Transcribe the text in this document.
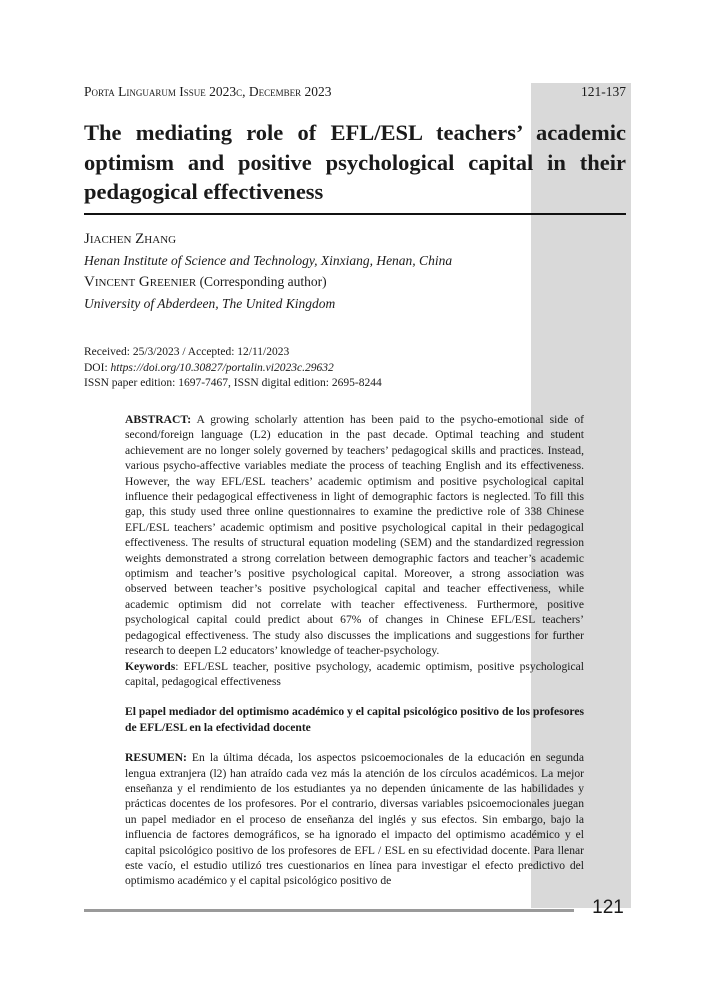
Porta Linguarum Issue 2023c, December 2023	121-137
The mediating role of EFL/ESL teachers’ academic optimism and positive psychological capital in their pedagogical effectiveness
Jiachen Zhang
Henan Institute of Science and Technology, Xinxiang, Henan, China
Vincent Greenier (Corresponding author)
University of Abderdeen, The United Kingdom
Received: 25/3/2023 / Accepted: 12/11/2023
DOI: https://doi.org/10.30827/portalin.vi2023c.29632
ISSN paper edition: 1697-7467, ISSN digital edition: 2695-8244

ABSTRACT: A growing scholarly attention has been paid to the psycho-emotional side of second/foreign language (L2) education in the past decade. Optimal teaching and student achievement are no longer solely governed by teachers’ pedagogical skills and practices. Instead, various psycho-affective variables mediate the process of teaching English and its effectiveness. However, the way EFL/ESL teachers’ academic optimism and positive psychological capital influence their pedagogical effectiveness in light of demographic factors is neglected. To fill this gap, this study used three online questionnaires to examine the predictive role of 338 Chinese EFL/ESL teachers’ academic optimism and positive psychological capital in their pedagogical effectiveness. The results of structural equation modeling (SEM) and the standardized regression weights demonstrated a strong correlation between demographic factors and teacher’s academic optimism and teacher’s positive psychological capital. Moreover, a strong association was observed between teacher’s positive psychological capital and teacher effectiveness, while academic optimism did not correlate with teacher effectiveness. Furthermore, positive psychological capital could predict about 67% of changes in Chinese EFL/ESL teachers’ pedagogical effectiveness. The study also discusses the implications and suggestions for further research to deepen L2 educators’ knowledge of teacher-psychology.

Keywords: EFL/ESL teacher, positive psychology, academic optimism, positive psychological capital, pedagogical effectiveness

El papel mediador del optimismo académico y el capital psicológico positivo de los profesores de EFL/ESL en la efectividad docente

RESUMEN: En la última década, los aspectos psicoemocionales de la educación en segunda lengua extranjera (l2) han atraído cada vez más la atención de los círculos académicos. La mejor enseñanza y el rendimiento de los estudiantes ya no dependen únicamente de las habilidades y prácticas docentes de los profesores. Por el contrario, diversas variables psicoemocionales juegan un papel mediador en el proceso de enseñanza del inglés y sus efectos. Sin embargo, bajo la influencia de factores demográficos, se ha ignorado el impacto del optimismo académico y el capital psicológico positivo de los profesores de EFL / ESL en su efectividad docente. Para llenar este vacío, el estudio utilizó tres cuestionarios en línea para investigar el efecto predictivo del optimismo académico y el capital psicológico positivo de

121
